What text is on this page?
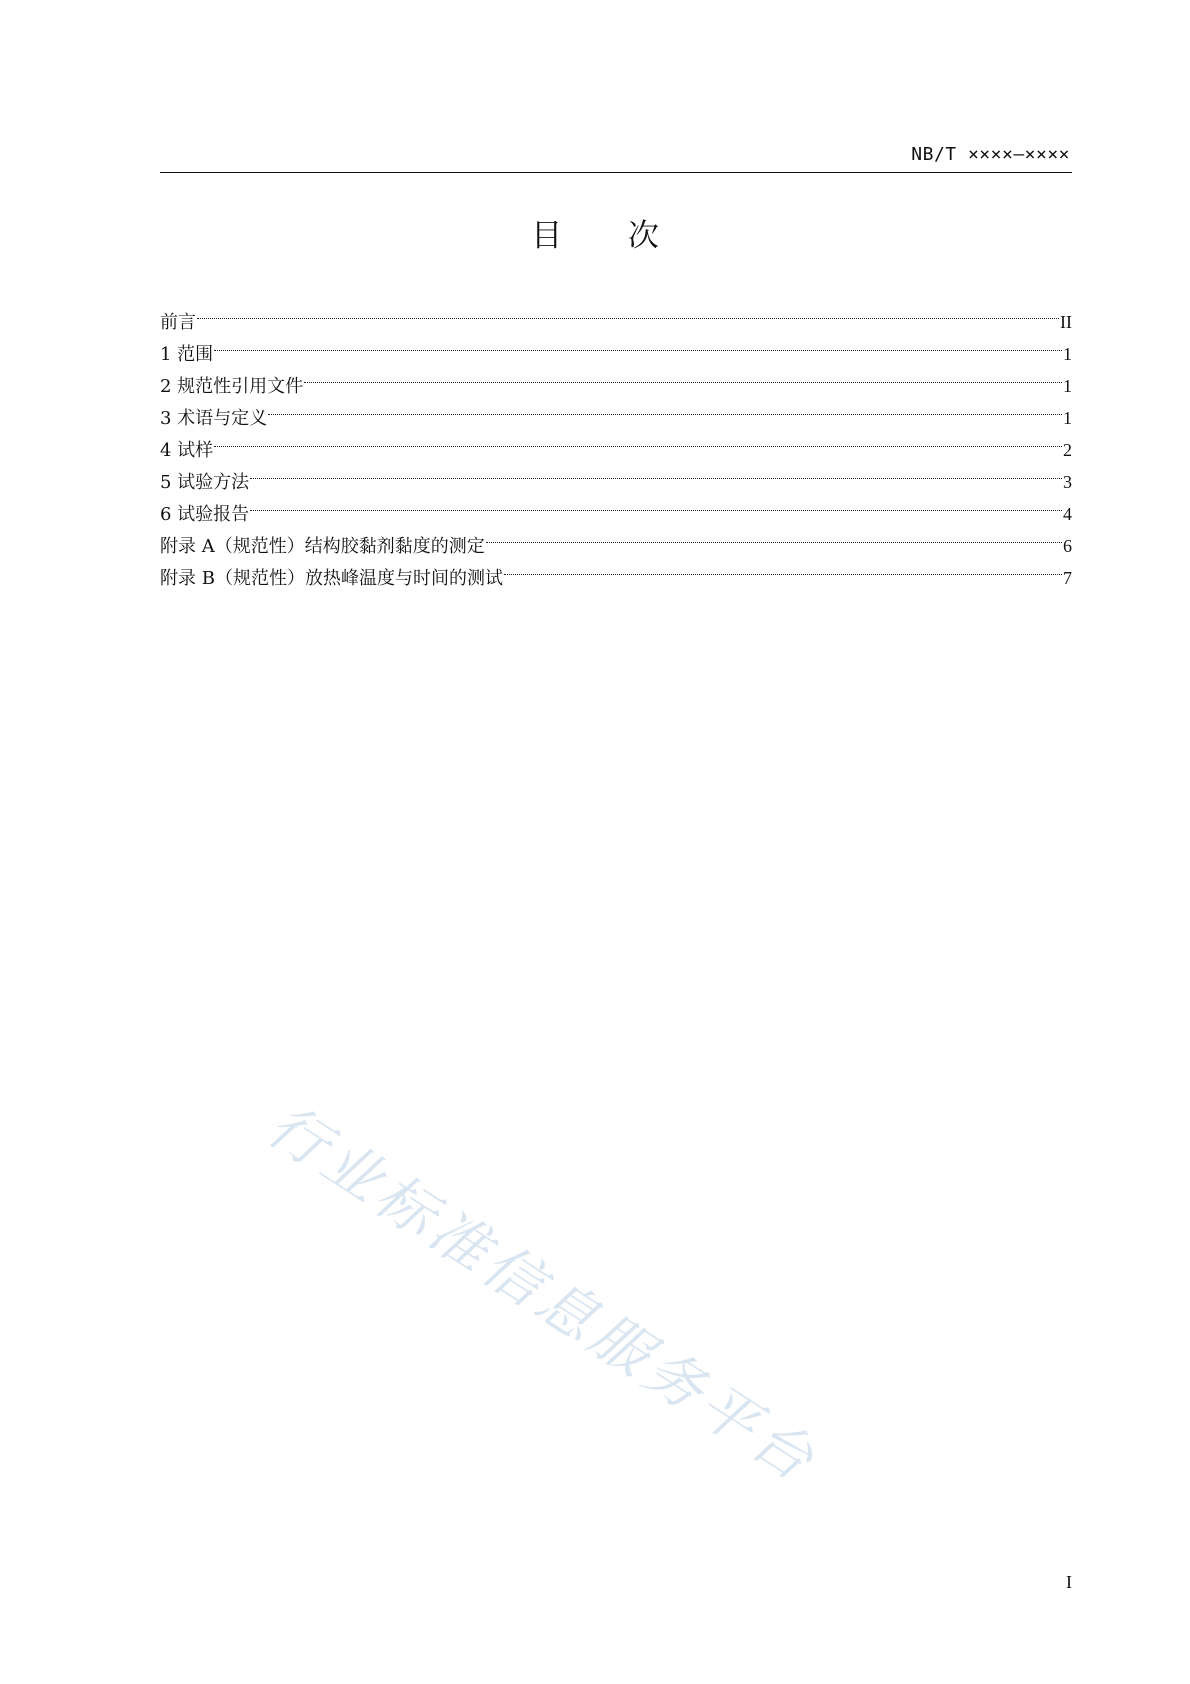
NB/T ××××—××××
目 次
前言	II
1 范围	1
2 规范性引用文件	1
3 术语与定义	1
4 试样	2
5 试验方法	3
6 试验报告	4
附录 A（规范性）结构胶黏剂黏度的测定	6
附录 B（规范性）放热峰温度与时间的测试	7
行业标准信息服务平台
I
